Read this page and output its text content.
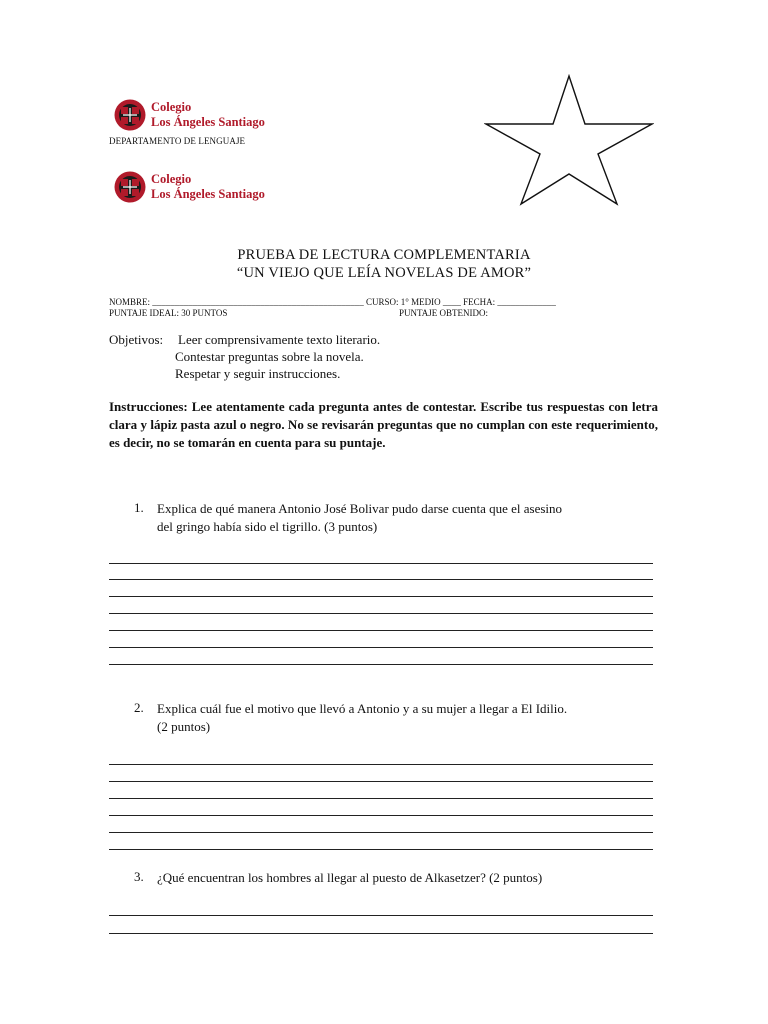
Colegio
Los Ángeles Santiago
DEPARTAMENTO DE LENGUAJE
Colegio
Los Ángeles Santiago
PRUEBA DE LECTURA COMPLEMENTARIA
“UN VIEJO QUE LEÍA NOVELAS DE AMOR”
NOMBRE: _______________________________________________ CURSO: 1° MEDIO ____ FECHA: _____________
PUNTAJE IDEAL: 30 PUNTOS	PUNTAJE OBTENIDO:
Objetivos: Leer comprensivamente texto literario.
Contestar preguntas sobre la novela.
Respetar y seguir instrucciones.
Instrucciones: Lee atentamente cada pregunta antes de contestar. Escribe tus respuestas con letra clara y lápiz pasta azul o negro. No se revisarán preguntas que no cumplan con este requerimiento, es decir, no se tomarán en cuenta para su puntaje.
1. Explica de qué manera Antonio José Bolivar pudo darse cuenta que el asesino
del gringo había sido el tigrillo. (3 puntos)
2. Explica cuál fue el motivo que llevó a Antonio y a su mujer a llegar a El Idilio.
(2 puntos)
3. ¿Qué encuentran los hombres al llegar al puesto de Alkasetzer? (2 puntos)
